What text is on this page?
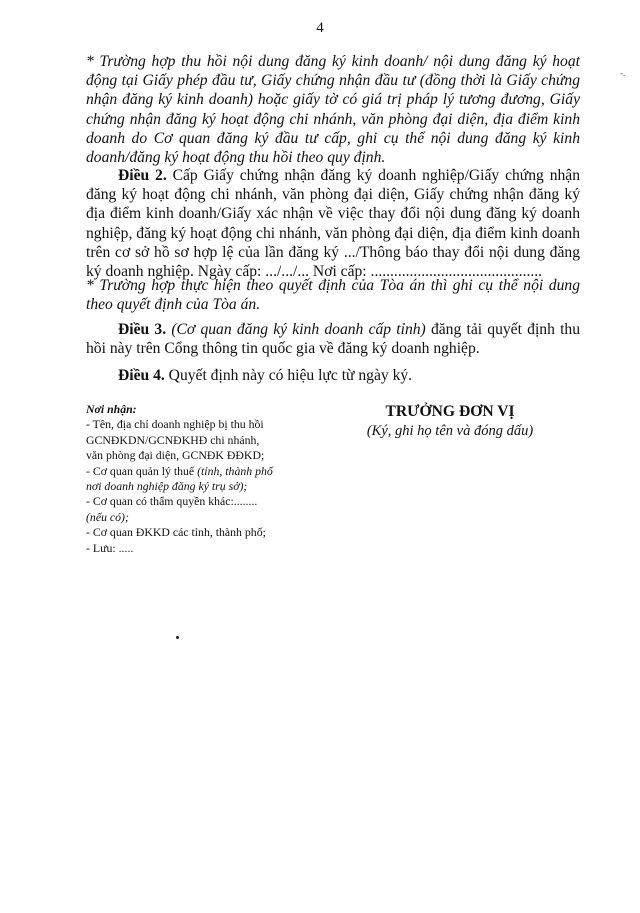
4
-.
* Trường hợp thu hồi nội dung đăng ký kinh doanh/ nội dung đăng ký hoạt động tại Giấy phép đầu tư, Giấy chứng nhận đầu tư (đồng thời là Giấy chứng nhận đăng ký kinh doanh) hoặc giấy tờ có giá trị pháp lý tương đương, Giấy chứng nhận đăng ký hoạt động chi nhánh, văn phòng đại diện, địa điểm kinh doanh do Cơ quan đăng ký đầu tư cấp, ghi cụ thể nội dung đăng ký kinh doanh/đăng ký hoạt động thu hồi theo quy định.
Điều 2. Cấp Giấy chứng nhận đăng ký doanh nghiệp/Giấy chứng nhận đăng ký hoạt động chi nhánh, văn phòng đại diện, Giấy chứng nhận đăng ký địa điểm kinh doanh/Giấy xác nhận về việc thay đổi nội dung đăng ký doanh nghiệp, đăng ký hoạt động chi nhánh, văn phòng đại diện, địa điểm kinh doanh trên cơ sở hồ sơ hợp lệ của lần đăng ký .../Thông báo thay đổi nội dung đăng ký doanh nghiệp. Ngày cấp: .../.../... Nơi cấp: ............................................
* Trường hợp thực hiện theo quyết định của Tòa án thì ghi cụ thể nội dung theo quyết định của Tòa án.
Điều 3. (Cơ quan đăng ký kinh doanh cấp tỉnh) đăng tải quyết định thu hồi này trên Cổng thông tin quốc gia về đăng ký doanh nghiệp.
Điều 4. Quyết định này có hiệu lực từ ngày ký.
Nơi nhận:
- Tên, địa chỉ doanh nghiệp bị thu hồi
GCNĐKDN/GCNĐKHĐ chi nhánh,
văn phòng đại diện, GCNĐK ĐĐKD;
- Cơ quan quản lý thuế (tỉnh, thành phố
nơi doanh nghiệp đăng ký trụ sở);
- Cơ quan có thẩm quyền khác:........
(nếu có);
- Cơ quan ĐKKD các tỉnh, thành phố;
- Lưu: .....
TRƯỞNG ĐƠN VỊ
(Ký, ghi họ tên và đóng dấu)
